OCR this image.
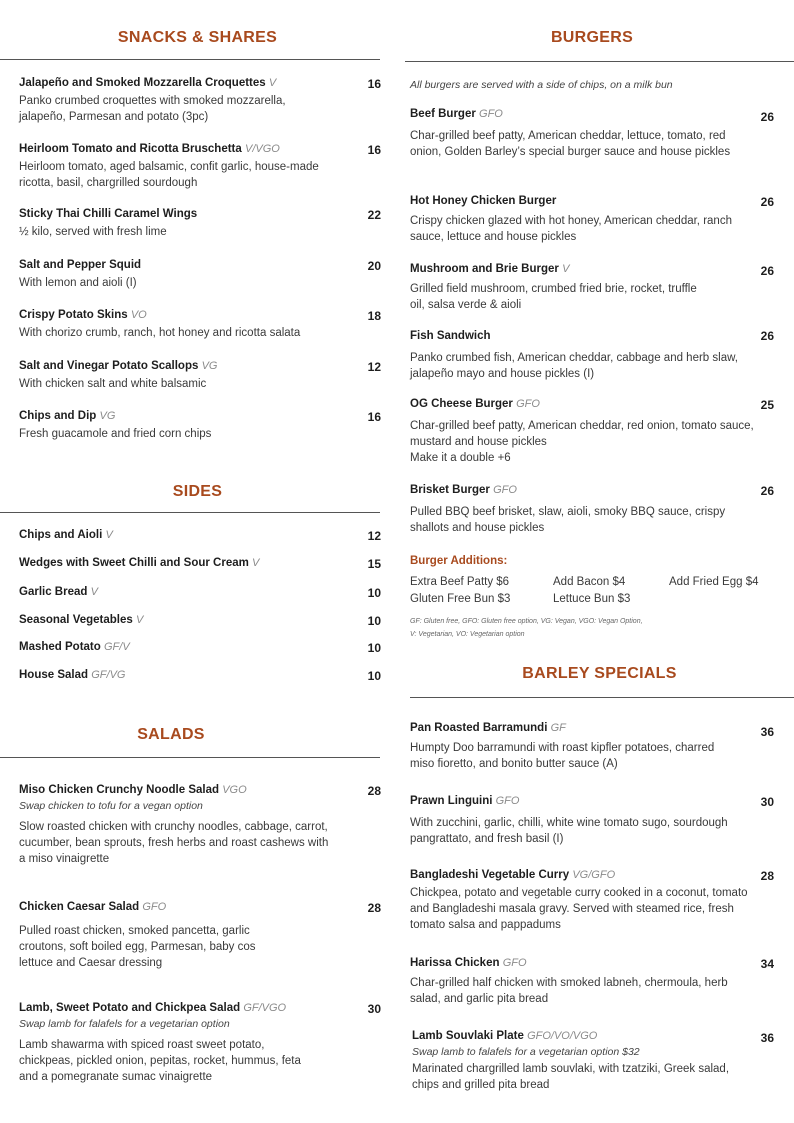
SNACKS & SHARES
Jalapeño and Smoked Mozzarella Croquettes V	16
Panko crumbed croquettes with smoked mozzarella, jalapeño, Parmesan and potato (3pc)
Heirloom Tomato and Ricotta Bruschetta V/VGO	16
Heirloom tomato, aged balsamic, confit garlic, house-made ricotta, basil, chargrilled sourdough
Sticky Thai Chilli Caramel Wings	22
½ kilo, served with fresh lime
Salt and Pepper Squid	20
With lemon and aioli (I)
Crispy Potato Skins VO	18
With chorizo crumb, ranch, hot honey and ricotta salata
Salt and Vinegar Potato Scallops VG	12
With chicken salt and white balsamic
Chips and Dip VG	16
Fresh guacamole and fried corn chips
SIDES
Chips and Aioli V	12
Wedges with Sweet Chilli and Sour Cream V	15
Garlic Bread V	10
Seasonal Vegetables V	10
Mashed Potato GF/V	10
House Salad GF/VG	10
SALADS
Miso Chicken Crunchy Noodle Salad VGO	28
Swap chicken to tofu for a vegan option
Slow roasted chicken with crunchy noodles, cabbage, carrot, cucumber, bean sprouts, fresh herbs and roast cashews with a miso vinaigrette
Chicken Caesar Salad GFO	28
Pulled roast chicken, smoked pancetta, garlic croutons, soft boiled egg, Parmesan, baby cos lettuce and Caesar dressing
Lamb, Sweet Potato and Chickpea Salad GF/VGO	30
Swap lamb for falafels for a vegetarian option
Lamb shawarma with spiced roast sweet potato, chickpeas, pickled onion, pepitas, rocket, hummus, feta and a pomegranate sumac vinaigrette
BURGERS
All burgers are served with a side of chips, on a milk bun
Beef Burger GFO	26
Char-grilled beef patty, American cheddar, lettuce, tomato, red onion, Golden Barley’s special burger sauce and house pickles
Hot Honey Chicken Burger	26
Crispy chicken glazed with hot honey, American cheddar, ranch sauce, lettuce and house pickles
Mushroom and Brie Burger V	26
Grilled field mushroom, crumbed fried brie, rocket, truffle oil, salsa verde & aioli
Fish Sandwich	26
Panko crumbed fish, American cheddar, cabbage and herb slaw, jalapeño mayo and house pickles (I)
OG Cheese Burger GFO	25
Char-grilled beef patty, American cheddar, red onion, tomato sauce, mustard and house pickles
Make it a double +6
Brisket Burger GFO	26
Pulled BBQ beef brisket, slaw, aioli, smoky BBQ sauce, crispy shallots and house pickles
Burger Additions:
Extra Beef Patty $6	Add Bacon $4	Add Fried Egg $4
Gluten Free Bun $3	Lettuce Bun $3
GF: Gluten free, GFO: Gluten free option, VG: Vegan, VGO: Vegan Option, V: Vegetarian, VO: Vegetarian option
BARLEY SPECIALS
Pan Roasted Barramundi GF	36
Humpty Doo barramundi with roast kipfler potatoes, charred miso fioretto, and bonito butter sauce (A)
Prawn Linguini GFO	30
With zucchini, garlic, chilli, white wine tomato sugo, sourdough pangrattato, and fresh basil (I)
Bangladeshi Vegetable Curry VG/GFO	28
Chickpea, potato and vegetable curry cooked in a coconut, tomato and Bangladeshi masala gravy. Served with steamed rice, fresh tomato salsa and pappadums
Harissa Chicken GFO	34
Char-grilled half chicken with smoked labneh, chermoula, herb salad, and garlic pita bread
Lamb Souvlaki Plate GFO/VO/VGO	36
Swap lamb to falafels for a vegetarian option $32
Marinated chargrilled lamb souvlaki, with tzatziki, Greek salad, chips and grilled pita bread
